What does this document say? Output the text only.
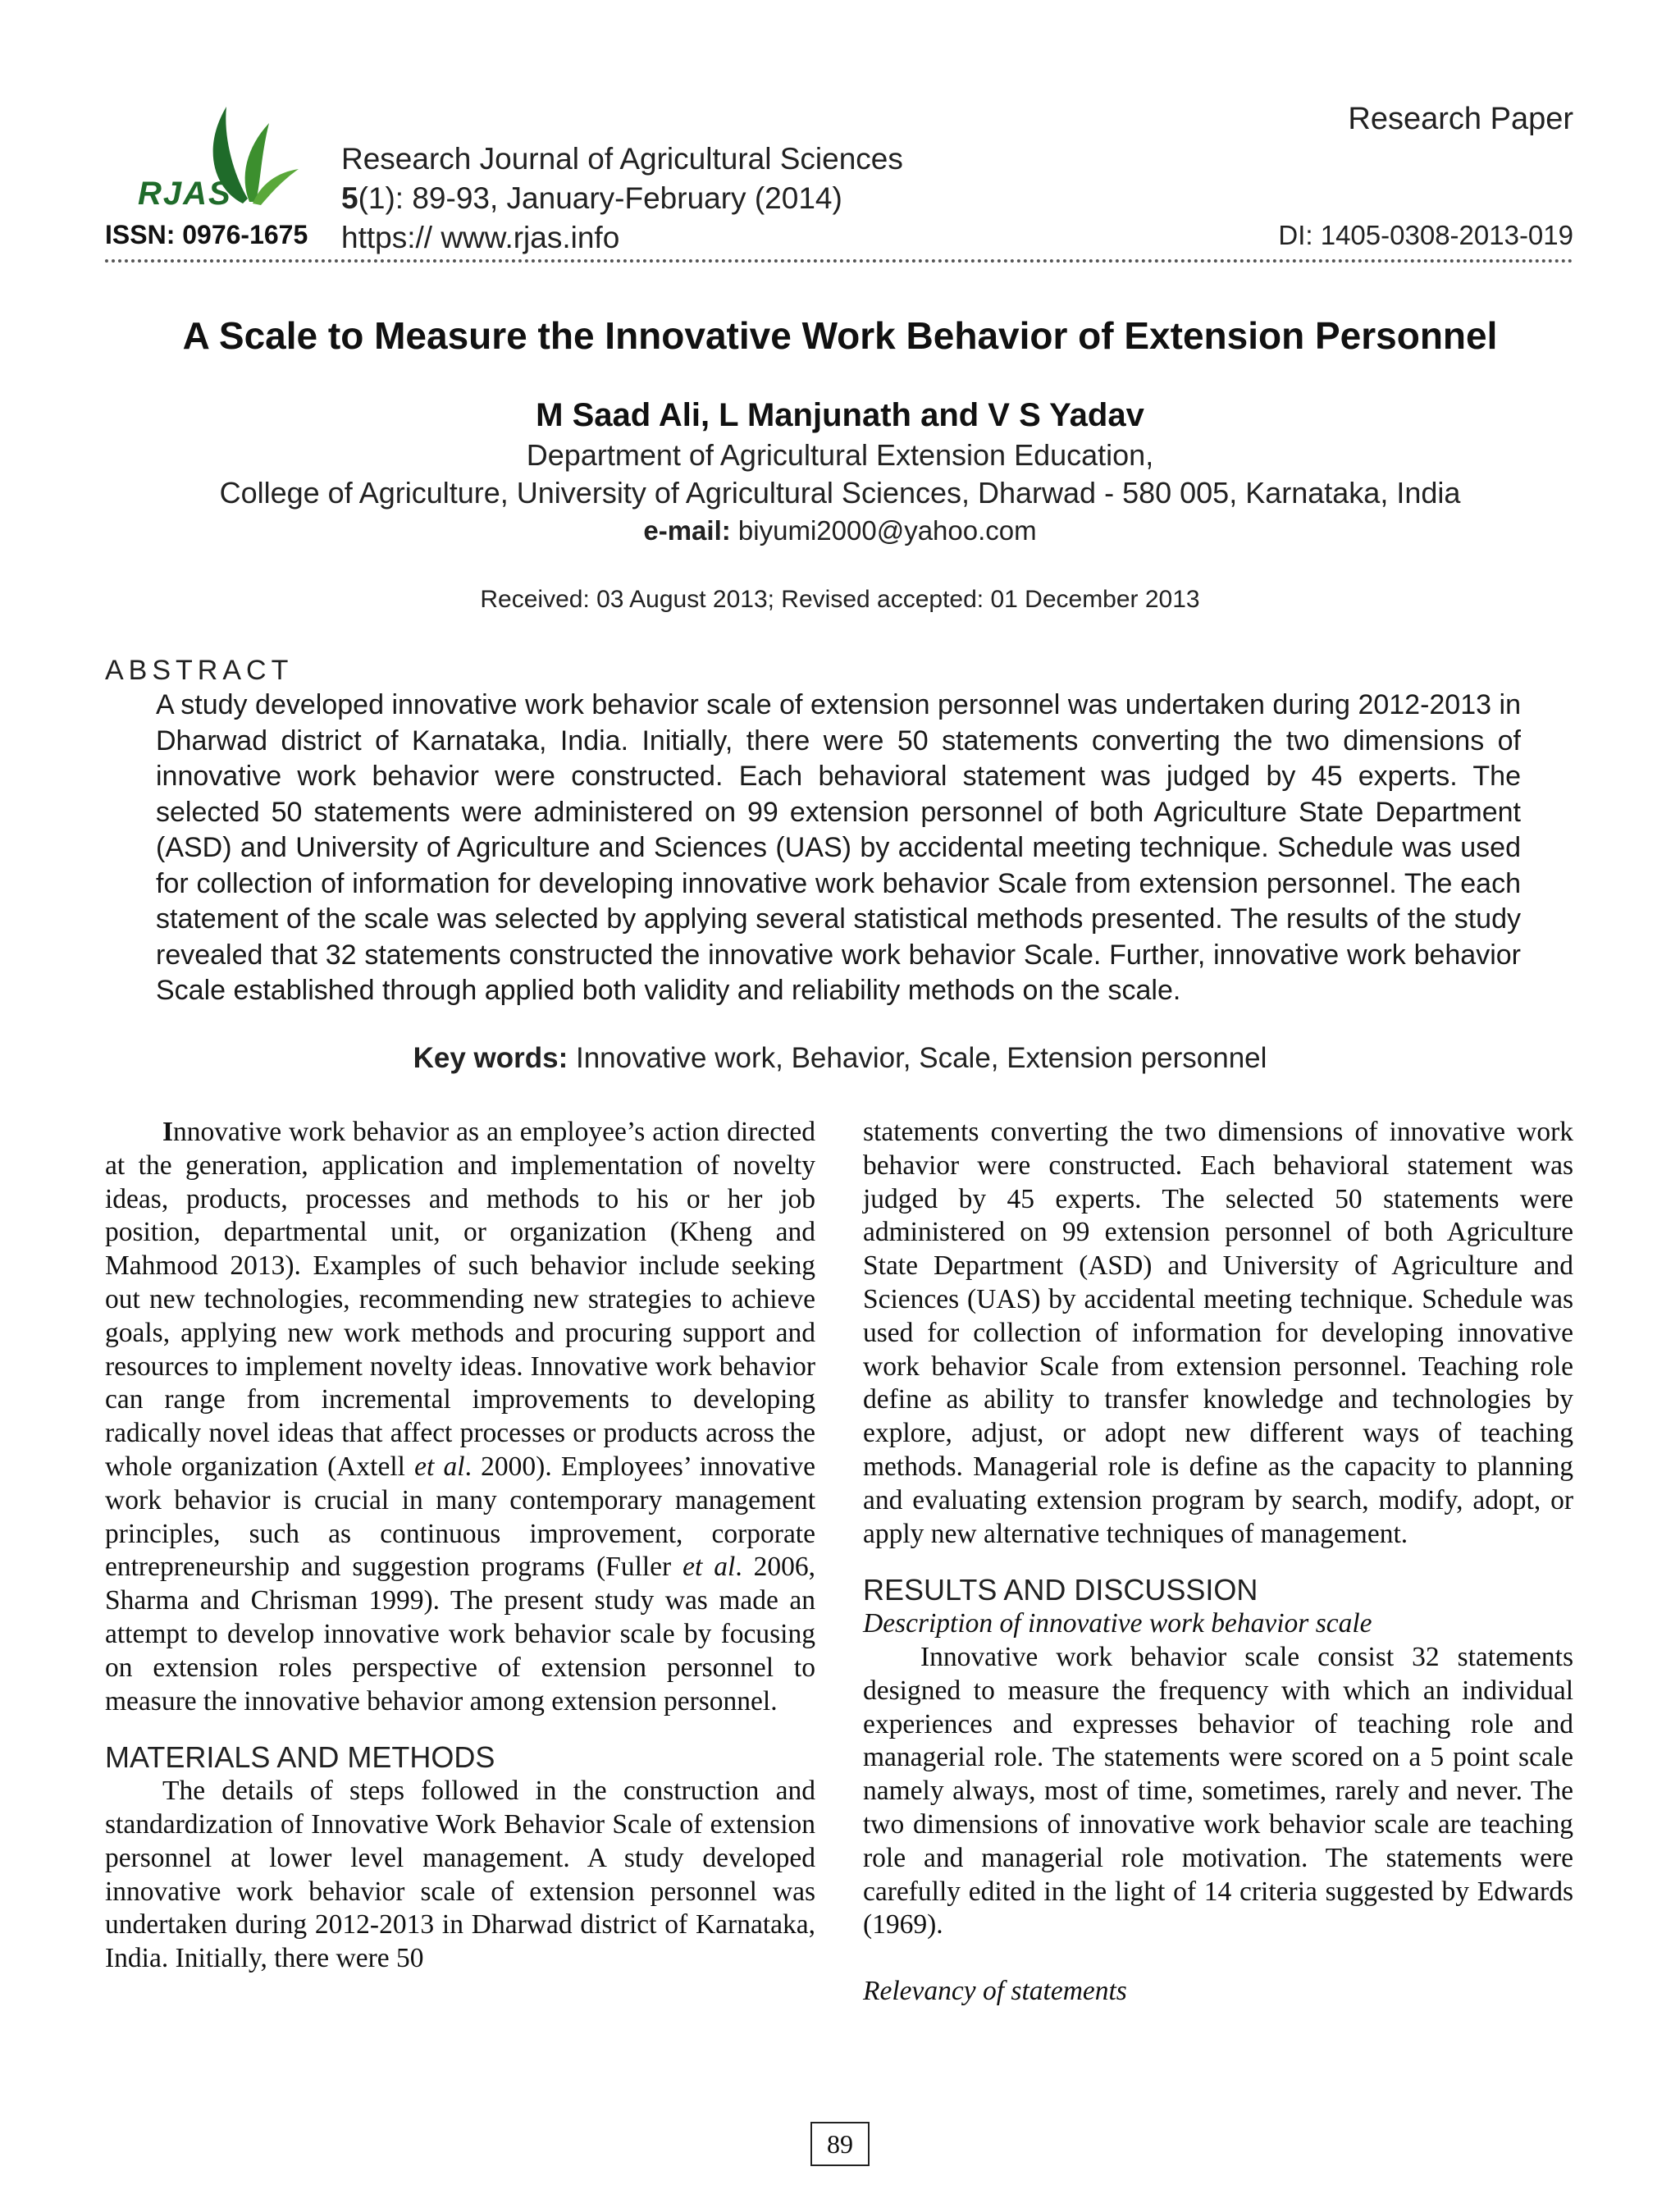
RJAS
Research Paper
Research Journal of Agricultural Sciences
5(1): 89-93, January-February (2014)
https:// www.rjas.info
ISSN: 0976-1675	DI: 1405-0308-2013-019
A Scale to Measure the Innovative Work Behavior of Extension Personnel
M Saad Ali, L Manjunath and V S Yadav
Department of Agricultural Extension Education,
College of Agriculture, University of Agricultural Sciences, Dharwad - 580 005, Karnataka, India
e-mail: biyumi2000@yahoo.com
Received: 03 August 2013; Revised accepted: 01 December 2013
ABSTRACT
A study developed innovative work behavior scale of extension personnel was undertaken during 2012-2013 in Dharwad district of Karnataka, India. Initially, there were 50 statements converting the two dimensions of innovative work behavior were constructed. Each behavioral statement was judged by 45 experts. The selected 50 statements were administered on 99 extension personnel of both Agriculture State Department (ASD) and University of Agriculture and Sciences (UAS) by accidental meeting technique. Schedule was used for collection of information for developing innovative work behavior Scale from extension personnel. The each statement of the scale was selected by applying several statistical methods presented. The results of the study revealed that 32 statements constructed the innovative work behavior Scale. Further, innovative work behavior Scale established through applied both validity and reliability methods on the scale.
Key words: Innovative work, Behavior, Scale, Extension personnel

Innovative work behavior as an employee’s action directed at the generation, application and implementation of novelty ideas, products, processes and methods to his or her job position, departmental unit, or organization (Kheng and Mahmood 2013). Examples of such behavior include seeking out new technologies, recommending new strategies to achieve goals, applying new work methods and procuring support and resources to implement novelty ideas. Innovative work behavior can range from incremental improvements to developing radically novel ideas that affect processes or products across the whole organization (Axtell et al. 2000). Employees’ innovative work behavior is crucial in many contemporary management principles, such as continuous improvement, corporate entrepreneurship and suggestion programs (Fuller et al. 2006, Sharma and Chrisman 1999). The present study was made an attempt to develop innovative work behavior scale by focusing on extension roles perspective of extension personnel to measure the innovative behavior among extension personnel.

MATERIALS AND METHODS

The details of steps followed in the construction and standardization of Innovative Work Behavior Scale of extension personnel at lower level management. A study developed innovative work behavior scale of extension personnel was undertaken during 2012-2013 in Dharwad district of Karnataka, India. Initially, there were 50

statements converting the two dimensions of innovative work behavior were constructed. Each behavioral statement was judged by 45 experts. The selected 50 statements were administered on 99 extension personnel of both Agriculture State Department (ASD) and University of Agriculture and Sciences (UAS) by accidental meeting technique. Schedule was used for collection of information for developing innovative work behavior Scale from extension personnel. Teaching role define as ability to transfer knowledge and technologies by explore, adjust, or adopt new different ways of teaching methods. Managerial role is define as the capacity to planning and evaluating extension program by search, modify, adopt, or apply new alternative techniques of management.

RESULTS AND DISCUSSION

Description of innovative work behavior scale

Innovative work behavior scale consist 32 statements designed to measure the frequency with which an individual experiences and expresses behavior of teaching role and managerial role. The statements were scored on a 5 point scale namely always, most of time, sometimes, rarely and never. The two dimensions of innovative work behavior scale are teaching role and managerial role motivation. The statements were carefully edited in the light of 14 criteria suggested by Edwards (1969).

Relevancy of statements

89
